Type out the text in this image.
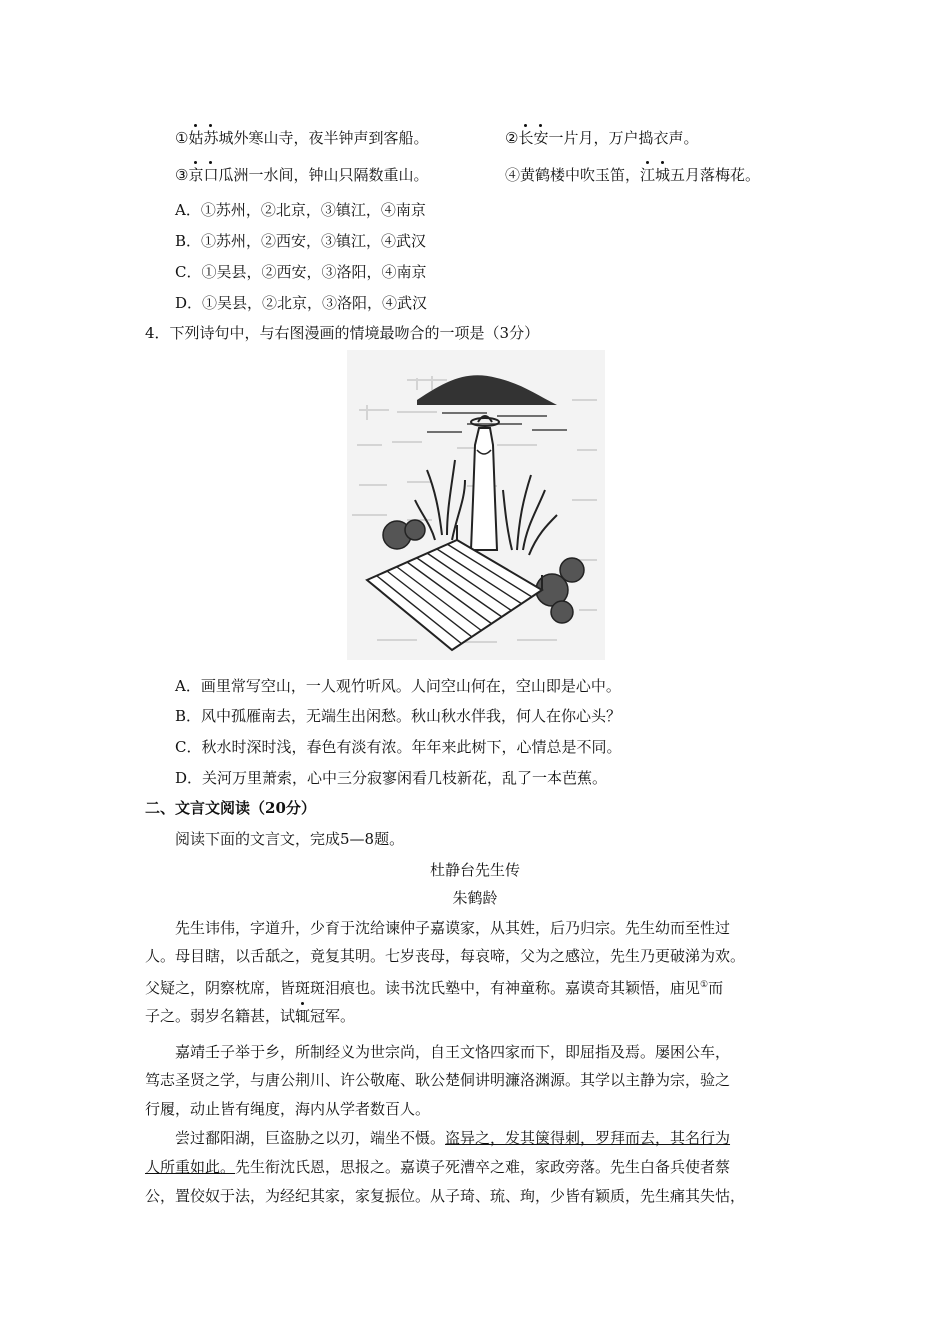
①姑苏城外寒山寺，夜半钟声到客船。	②长安一片月，万户捣衣声。
③京口瓜洲一水间，钟山只隔数重山。	④黄鹤楼中吹玉笛，江城五月落梅花。
A．①苏州，②北京，③镇江，④南京
B．①苏州，②西安，③镇江，④武汉
C．①吴县，②西安，③洛阳，④南京
D．①吴县，②北京，③洛阳，④武汉
4．下列诗句中，与右图漫画的情境最吻合的一项是（3分）
A．画里常写空山，一人观竹听风。人问空山何在，空山即是心中。
B．风中孤雁南去，无端生出闲愁。秋山秋水伴我，何人在你心头？
C．秋水时深时浅，春色有淡有浓。年年来此树下，心情总是不同。
D．关河万里萧索，心中三分寂寥闲看几枝新花，乱了一本芭蕉。
二、文言文阅读（20分）
阅读下面的文言文，完成5—8题。
杜静台先生传
朱鹤龄
先生讳伟，字道升，少育于沈给谏仲子嘉谟家，从其姓，后乃归宗。先生幼而至性过
人。母目瞎，以舌舐之，竟复其明。七岁丧母，每哀啼，父为之感泣，先生乃更破涕为欢。
父疑之，阴察枕席，皆斑斑泪痕也。读书沈氏塾中，有神童称。嘉谟奇其颖悟，庙见①而
子之。弱岁名籍甚，试辄冠军。
嘉靖壬子举于乡，所制经义为世宗尚，自王文恪四家而下，即屈指及焉。屡困公车，
笃志圣贤之学，与唐公荆川、许公敬庵、耿公楚侗讲明濂洛渊源。其学以主静为宗，验之
行履，动止皆有绳度，海内从学者数百人。
尝过鄱阳湖，巨盗胁之以刃，端坐不慑。盗异之，发其箧得刺，罗拜而去，其名行为
人所重如此。先生衔沈氏恩，思报之。嘉谟子死漕卒之难，家政旁落。先生白备兵使者蔡
公，置佼奴于法，为经纪其家，家复振位。从子琦、琉、珣，少皆有颖质，先生痛其失怙，
